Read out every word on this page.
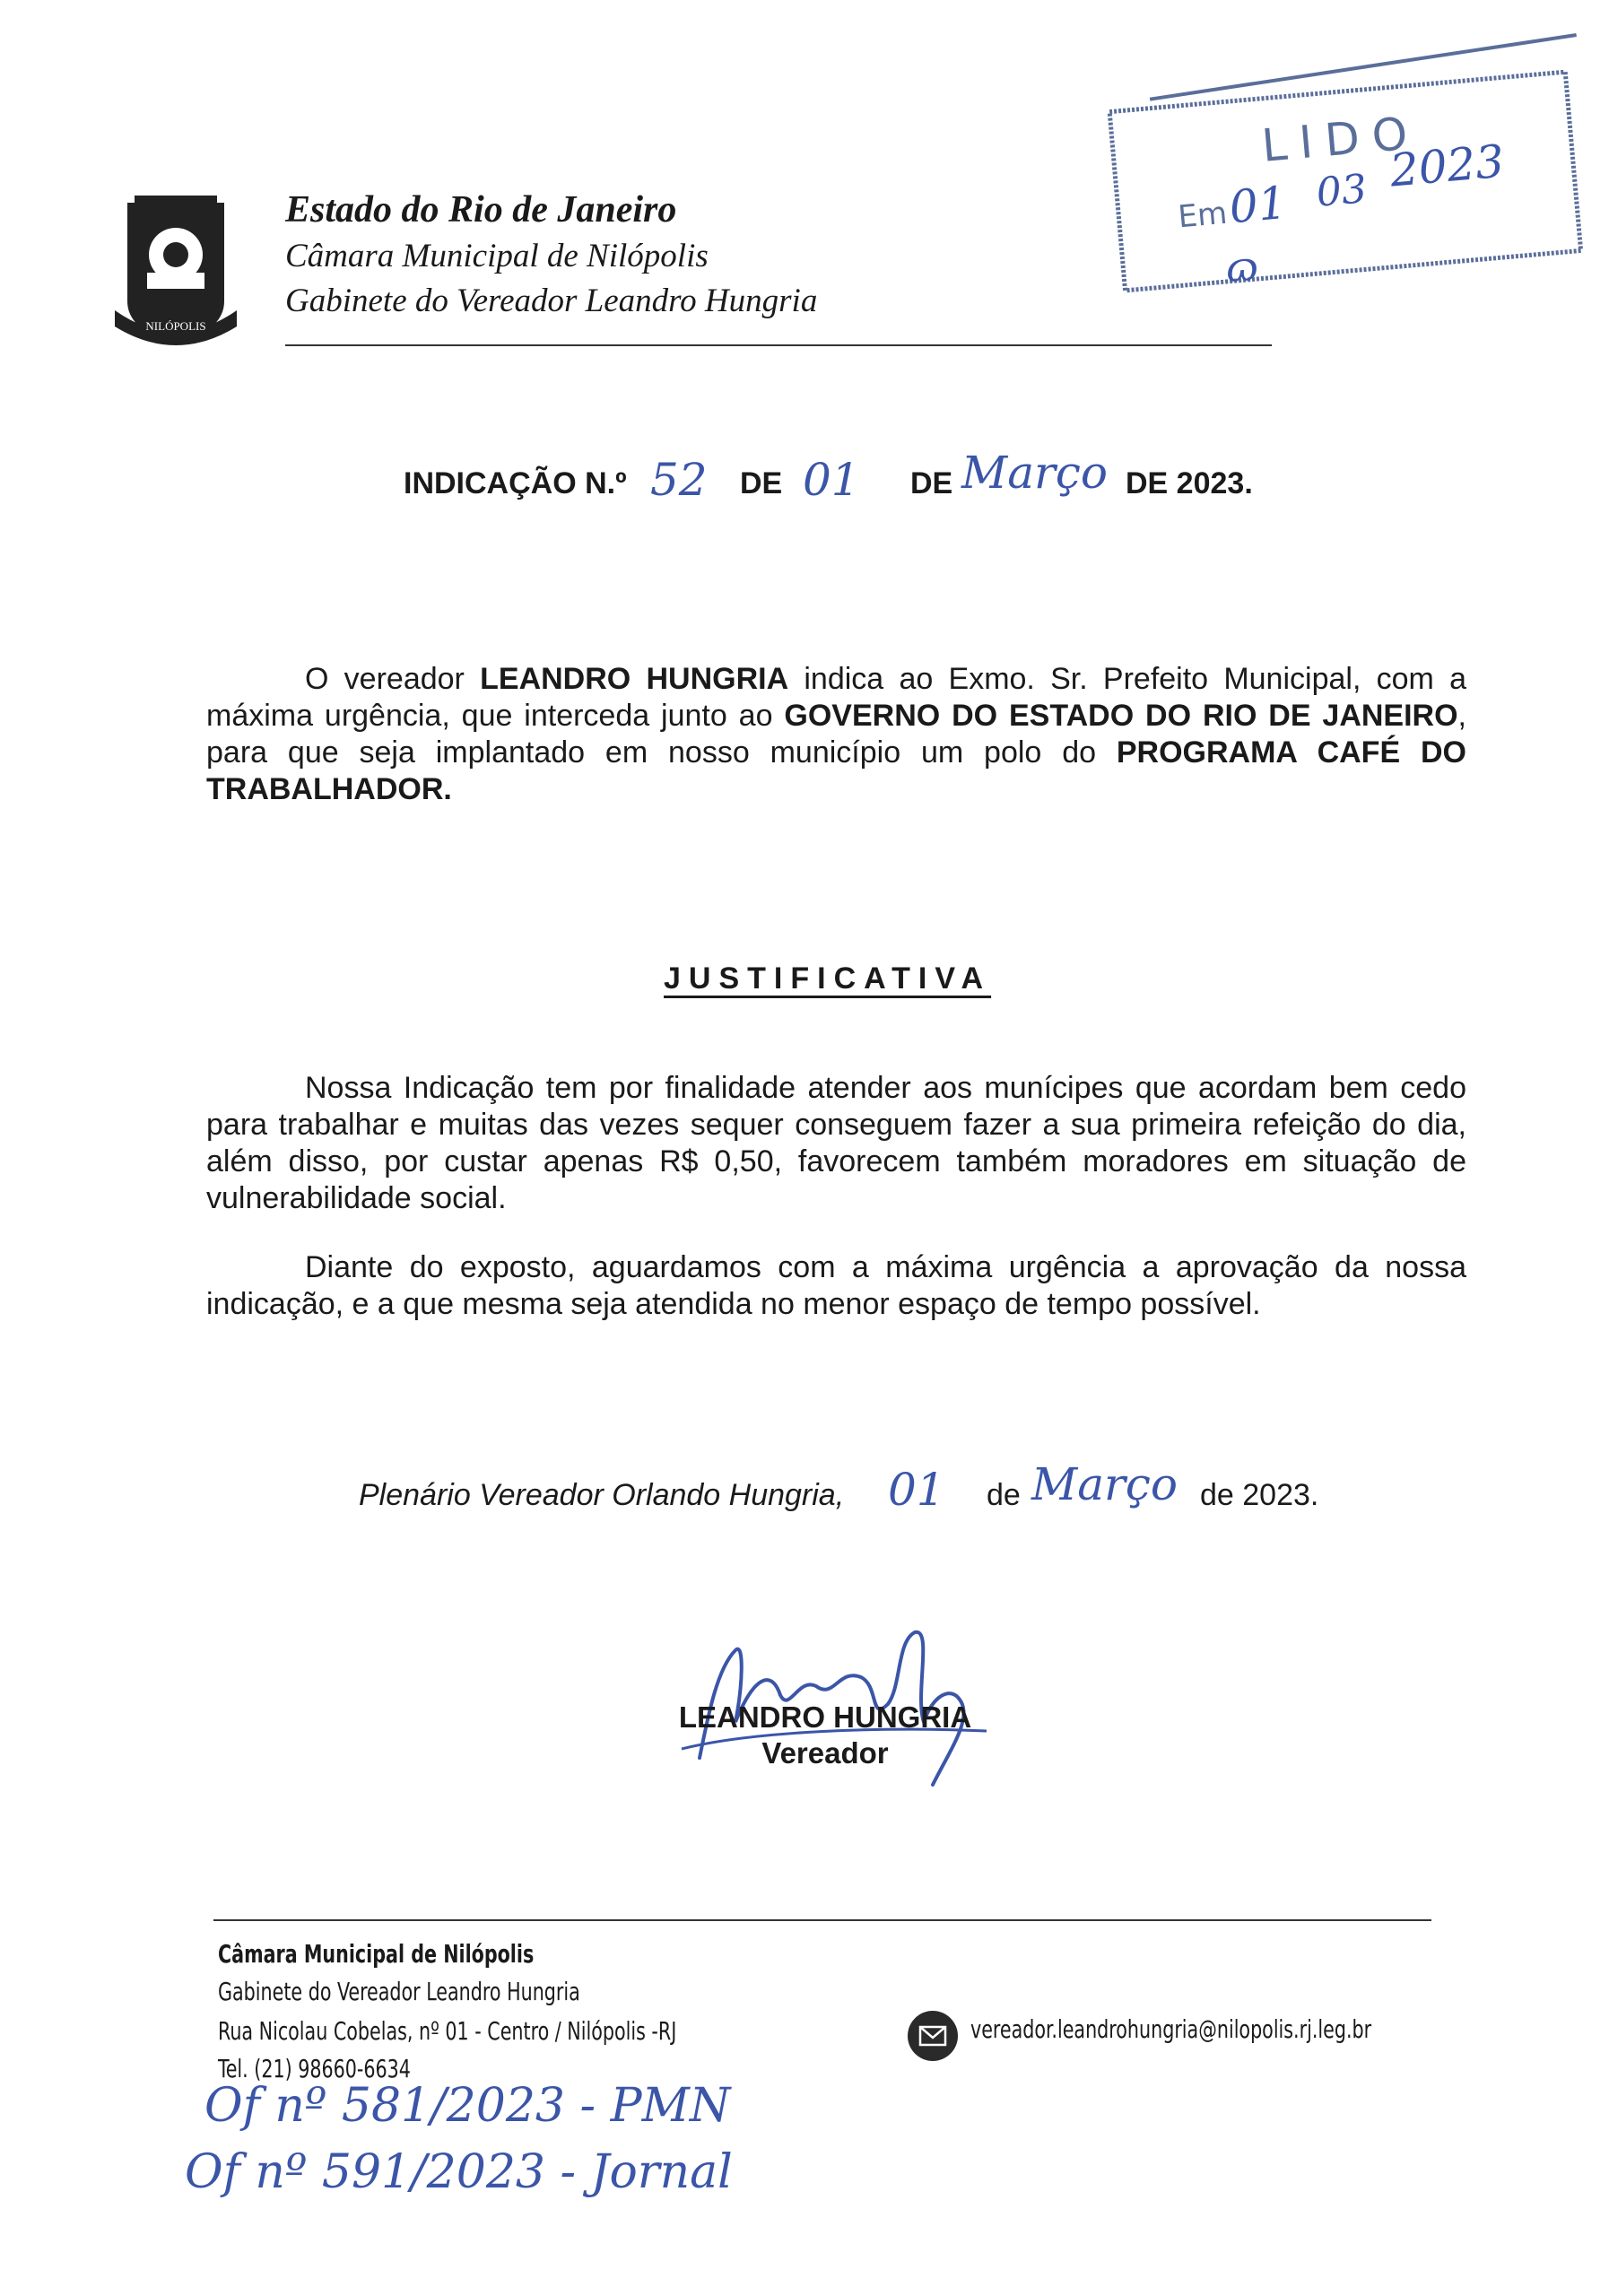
NILÓPOLIS
Estado do Rio de Janeiro
Câmara Municipal de Nilópolis
Gabinete do Vereador Leandro Hungria
LIDO
Em
01 03 2023
ɷ
INDICAÇÃO N.º 52 DE 01 DE Março DE 2023.
O vereador LEANDRO HUNGRIA indica ao Exmo. Sr. Prefeito Municipal, com a máxima urgência, que interceda junto ao GOVERNO DO ESTADO DO RIO DE JANEIRO, para que seja implantado em nosso município um polo do PROGRAMA CAFÉ DO TRABALHADOR.
JUSTIFICATIVA
Nossa Indicação tem por finalidade atender aos munícipes que acordam bem cedo para trabalhar e muitas das vezes sequer conseguem fazer a sua primeira refeição do dia, além disso, por custar apenas R$ 0,50, favorecem também moradores em situação de vulnerabilidade social.
Diante do exposto, aguardamos com a máxima urgência a aprovação da nossa indicação, e a que mesma seja atendida no menor espaço de tempo possível.
Plenário Vereador Orlando Hungria, 01 de Março de 2023.
LEANDRO HUNGRIA
Vereador
Câmara Municipal de Nilópolis
Gabinete do Vereador Leandro Hungria
Rua Nicolau Cobelas, nº 01 - Centro / Nilópolis -RJ
Tel. (21) 98660-6634
vereador.leandrohungria@nilopolis.rj.leg.br
Of nº 581/2023 - PMN
Of nº 591/2023 - Jornal
